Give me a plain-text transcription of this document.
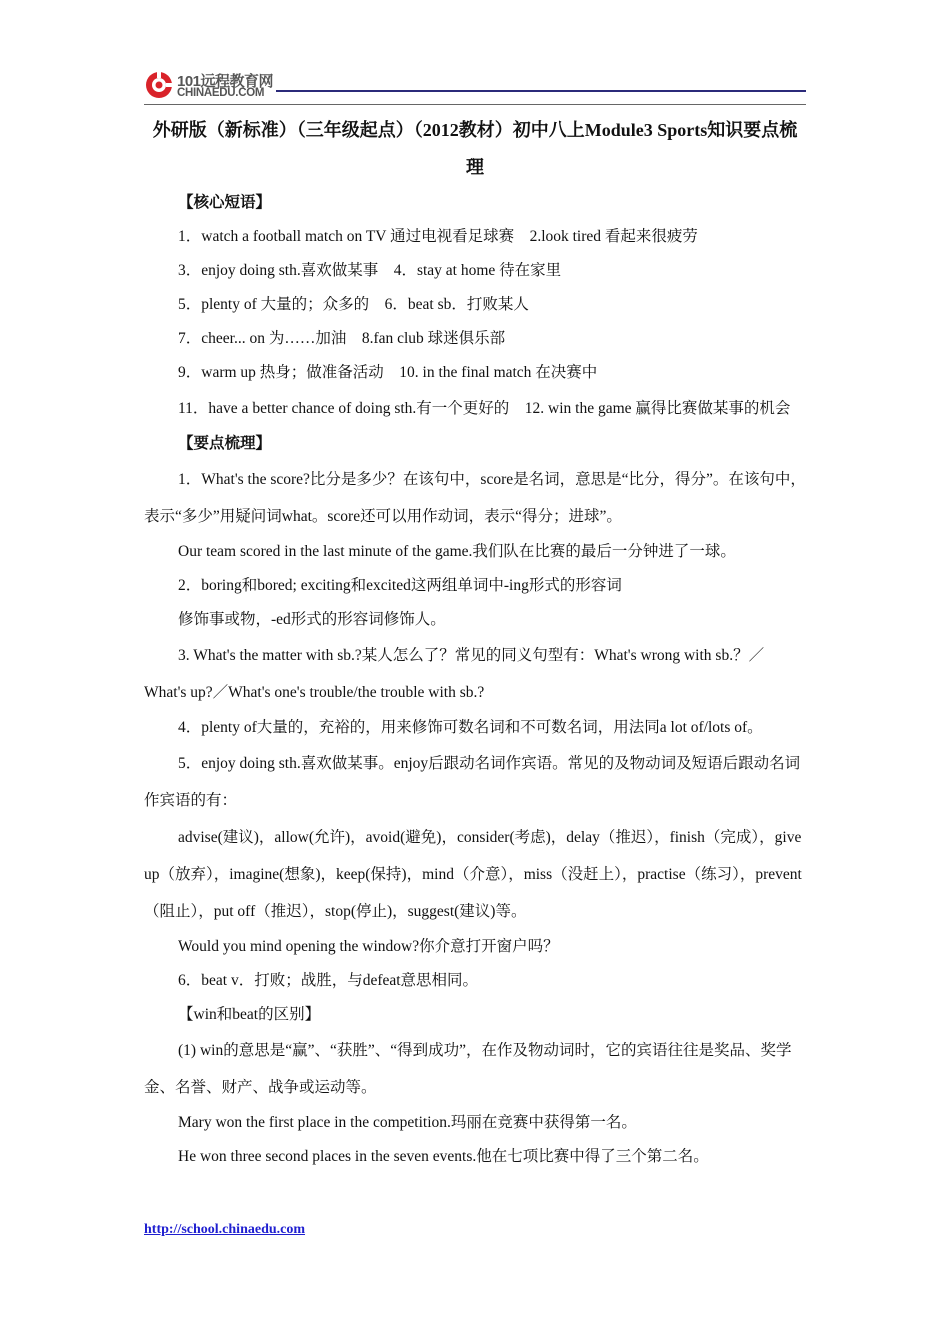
101远程教育网
CHINAEDU.COM
外研版（新标准）（三年级起点）（2012教材）初中八上Module3 Sports知识要点梳理

【核心短语】

1．watch a football match on TV 通过电视看足球赛　2.look tired 看起来很疲劳

3．enjoy doing sth.喜欢做某事　4．stay at home 待在家里

5．plenty of 大量的；众多的　6．beat sb．打败某人

7．cheer... on 为……加油　8.fan club 球迷俱乐部

9．warm up 热身；做准备活动　10. in the final match 在决赛中

11．have a better chance of doing sth.有一个更好的　12. win the game 赢得比赛做某事的机会

【要点梳理】

1．What's the score?比分是多少？在该句中，score是名词，意思是“比分，得分”。在该句中，表示“多少”用疑问词what。score还可以用作动词，表示“得分；进球”。

Our team scored in the last minute of the game.我们队在比赛的最后一分钟进了一球。

2．boring和bored; exciting和excited这两组单词中-ing形式的形容词

修饰事或物，-ed形式的形容词修饰人。

3. What's the matter with sb.?某人怎么了？常见的同义句型有：What's wrong with sb.？／What's up?／What's one's trouble/the trouble with sb.?

4．plenty of大量的，充裕的，用来修饰可数名词和不可数名词，用法同a lot of/lots of。

5．enjoy doing sth.喜欢做某事。enjoy后跟动名词作宾语。常见的及物动词及短语后跟动名词作宾语的有：

advise(建议)，allow(允许)，avoid(避免)，consider(考虑)，delay（推迟），finish（完成），give up（放弃），imagine(想象)，keep(保持)，mind（介意），miss（没赶上），practise（练习），prevent（阻止），put off（推迟），stop(停止)，suggest(建议)等。

Would you mind opening the window?你介意打开窗户吗？

6．beat v．打败；战胜，与defeat意思相同。

【win和beat的区别】

(1) win的意思是“赢”、“获胜”、“得到成功”，在作及物动词时，它的宾语往往是奖品、奖学金、名誉、财产、战争或运动等。

Mary won the first place in the competition.玛丽在竞赛中获得第一名。

He won three second places in the seven events.他在七项比赛中得了三个第二名。

http://school.chinaedu.com
